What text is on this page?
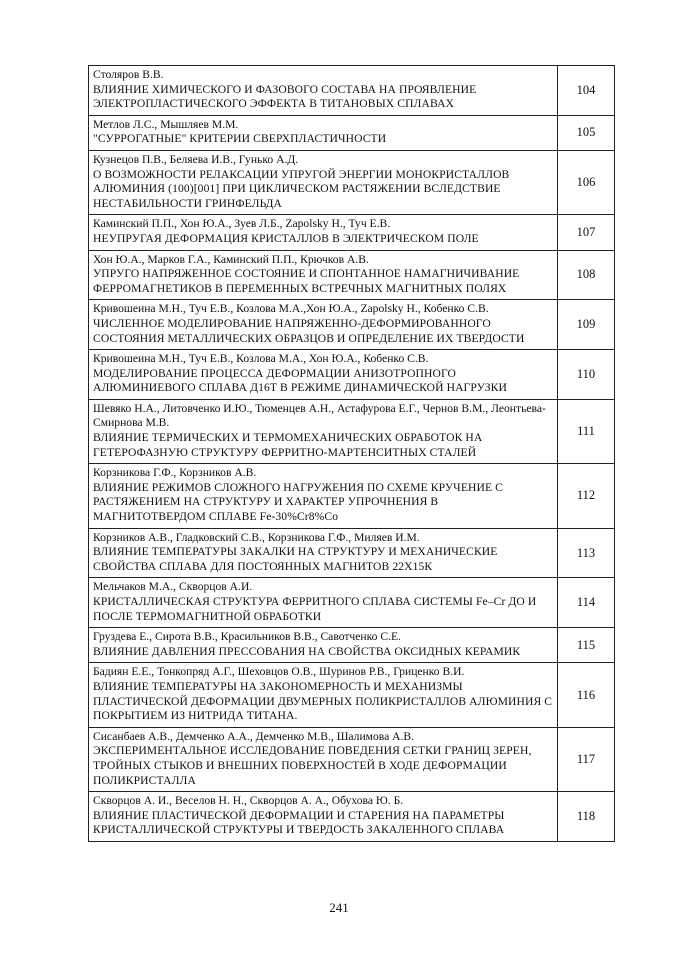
Столяров В.В.
ВЛИЯНИЕ ХИМИЧЕСКОГО И ФАЗОВОГО СОСТАВА НА ПРОЯВЛЕНИЕ ЭЛЕКТРОПЛАСТИЧЕСКОГО ЭФФЕКТА В ТИТАНОВЫХ СПЛАВАХ	104

Метлов Л.С., Мышляев М.М.
"СУРРОГАТНЫЕ" КРИТЕРИИ СВЕРХПЛАСТИЧНОСТИ	105

Кузнецов П.В., Беляева И.В., Гунько А.Д.
О ВОЗМОЖНОСТИ РЕЛАКСАЦИИ УПРУГОЙ ЭНЕРГИИ МОНОКРИСТАЛЛОВ АЛЮМИНИЯ (100)[001] ПРИ ЦИКЛИЧЕСКОМ РАСТЯЖЕНИИ ВСЛЕДСТВИЕ НЕСТАБИЛЬНОСТИ ГРИНФЕЛЬДА	106

Каминский П.П., Хон Ю.А., Зуев Л.Б., Zapolsky H., Туч Е.В.
НЕУПРУГАЯ ДЕФОРМАЦИЯ КРИСТАЛЛОВ В ЭЛЕКТРИЧЕСКОМ ПОЛЕ	107

Хон Ю.А., Марков Г.А., Каминский П.П., Крючков А.В.
УПРУГО НАПРЯЖЕННОЕ СОСТОЯНИЕ И СПОНТАННОЕ НАМАГНИЧИВАНИЕ ФЕРРОМАГНЕТИКОВ В ПЕРЕМЕННЫХ ВСТРЕЧНЫХ МАГНИТНЫХ ПОЛЯХ	108

Кривошеина М.Н., Туч Е.В., Козлова М.А.,Хон Ю.А., Zapolsky H., Кобенко С.В.
ЧИСЛЕННОЕ МОДЕЛИРОВАНИЕ НАПРЯЖЕННО-ДЕФОРМИРОВАННОГО СОСТОЯНИЯ МЕТАЛЛИЧЕСКИХ ОБРАЗЦОВ И ОПРЕДЕЛЕНИЕ ИХ ТВЕРДОСТИ	109

Кривошеина М.Н., Туч Е.В., Козлова М.А., Хон Ю.А., Кобенко С.В.
МОДЕЛИРОВАНИЕ ПРОЦЕССА ДЕФОРМАЦИИ АНИЗОТРОПНОГО АЛЮМИНИЕВОГО СПЛАВА Д16Т В РЕЖИМЕ ДИНАМИЧЕСКОЙ НАГРУЗКИ	110

Шевяко Н.А., Литовченко И.Ю., Тюменцев А.Н., Астафурова Е.Г., Чернов В.М., Леонтьева-Смирнова М.В.
ВЛИЯНИЕ ТЕРМИЧЕСКИХ И ТЕРМОМЕХАНИЧЕСКИХ ОБРАБОТОК НА ГЕТЕРОФАЗНУЮ СТРУКТУРУ ФЕРРИТНО-МАРТЕНСИТНЫХ СТАЛЕЙ	111

Корзникова Г.Ф., Корзников А.В.
ВЛИЯНИЕ РЕЖИМОВ СЛОЖНОГО НАГРУЖЕНИЯ ПО СХЕМЕ КРУЧЕНИЕ С РАСТЯЖЕНИЕМ НА СТРУКТУРУ И ХАРАКТЕР УПРОЧНЕНИЯ В МАГНИТОТВЕРДОМ СПЛАВЕ Fe-30%Cr8%Co	112

Корзников А.В., Гладковский С.В., Корзникова Г.Ф., Миляев И.М.
ВЛИЯНИЕ ТЕМПЕРАТУРЫ ЗАКАЛКИ НА СТРУКТУРУ И МЕХАНИЧЕСКИЕ СВОЙСТВА СПЛАВА ДЛЯ ПОСТОЯННЫХ МАГНИТОВ 22Х15К	113

Мельчаков М.А., Скворцов А.И.
КРИСТАЛЛИЧЕСКАЯ СТРУКТУРА ФЕРРИТНОГО СПЛАВА СИСТЕМЫ Fe–Cr ДО И ПОСЛЕ ТЕРМОМАГНИТНОЙ ОБРАБОТКИ	114

Груздева Е., Сирота В.В., Красильников В.В., Савотченко С.Е.
ВЛИЯНИЕ ДАВЛЕНИЯ ПРЕССОВАНИЯ НА СВОЙСТВА ОКСИДНЫХ КЕРАМИК	115

Бадиян Е.Е., Тонкопряд А.Г., Шеховцов О.В., Шуринов Р.В., Гриценко В.И.
ВЛИЯНИЕ ТЕМПЕРАТУРЫ НА ЗАКОНОМЕРНОСТЬ И МЕХАНИЗМЫ ПЛАСТИЧЕСКОЙ ДЕФОРМАЦИИ ДВУМЕРНЫХ ПОЛИКРИСТАЛЛОВ АЛЮМИНИЯ С ПОКРЫТИЕМ ИЗ НИТРИДА ТИТАНА.	116

Сисанбаев А.В., Демченко А.А., Демченко М.В., Шалимова А.В.
ЭКСПЕРИМЕНТАЛЬНОЕ ИССЛЕДОВАНИЕ ПОВЕДЕНИЯ СЕТКИ ГРАНИЦ ЗЕРЕН, ТРОЙНЫХ СТЫКОВ И ВНЕШНИХ ПОВЕРХНОСТЕЙ В ХОДЕ ДЕФОРМАЦИИ ПОЛИКРИСТАЛЛА	117

Скворцов А. И., Веселов Н. Н., Скворцов А. А., Обухова Ю. Б.
ВЛИЯНИЕ ПЛАСТИЧЕСКОЙ ДЕФОРМАЦИИ И СТАРЕНИЯ НА ПАРАМЕТРЫ КРИСТАЛЛИЧЕСКОЙ СТРУКТУРЫ И ТВЕРДОСТЬ ЗАКАЛЕННОГО СПЛАВА	118
241
